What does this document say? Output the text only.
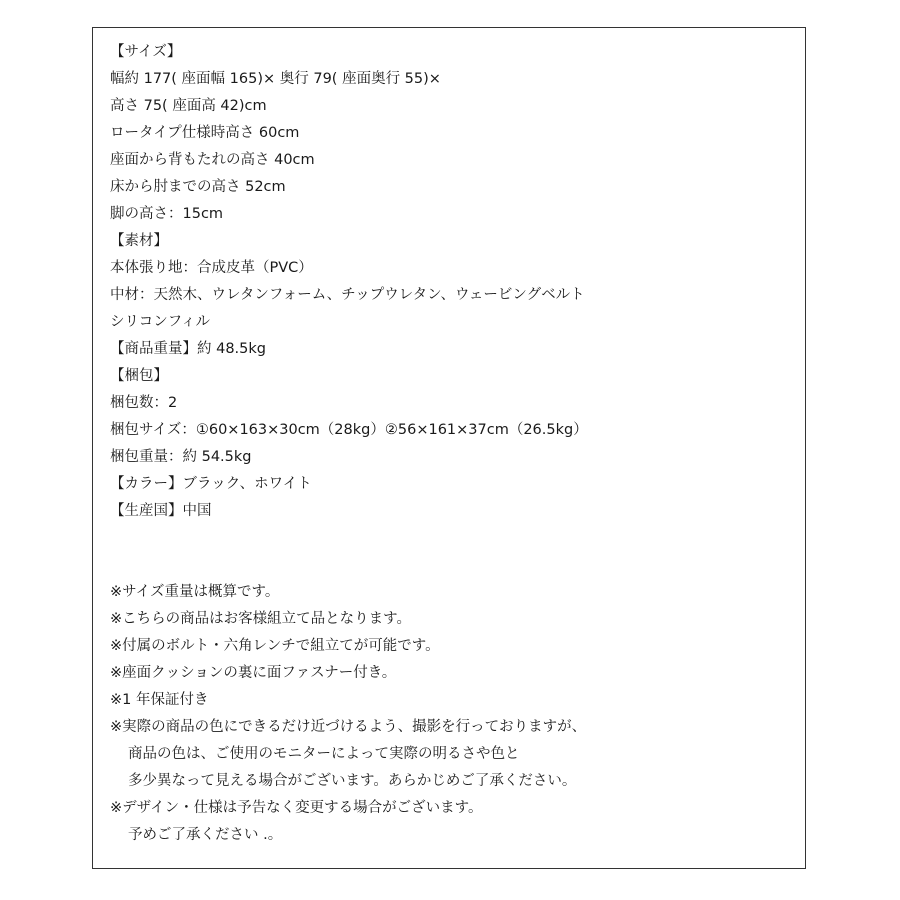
【サイズ】
幅約 177( 座面幅 165)× 奥行 79( 座面奥行 55)×
高さ 75( 座面高 42)cm
ロータイプ仕様時高さ 60cm
座面から背もたれの高さ 40cm
床から肘までの高さ 52cm
脚の高さ：15cm
【素材】
本体張り地：合成皮革（PVC）
中材：天然木、ウレタンフォーム、チップウレタン、ウェービングベルト
シリコンフィル
【商品重量】約 48.5kg
【梱包】
梱包数：2
梱包サイズ：①60×163×30cm（28kg）②56×161×37cm（26.5kg）
梱包重量：約 54.5kg
【カラー】ブラック、ホワイト
【生産国】中国
※サイズ重量は概算です。
※こちらの商品はお客様組立て品となります。
※付属のボルト・六角レンチで組立てが可能です。
※座面クッションの裏に面ファスナー付き。
※1 年保証付き
※実際の商品の色にできるだけ近づけるよう、撮影を行っておりますが、
商品の色は、ご使用のモニターによって実際の明るさや色と
多少異なって見える場合がございます。あらかじめご了承ください。
※デザイン・仕様は予告なく変更する場合がございます。
予めご了承ください .。
